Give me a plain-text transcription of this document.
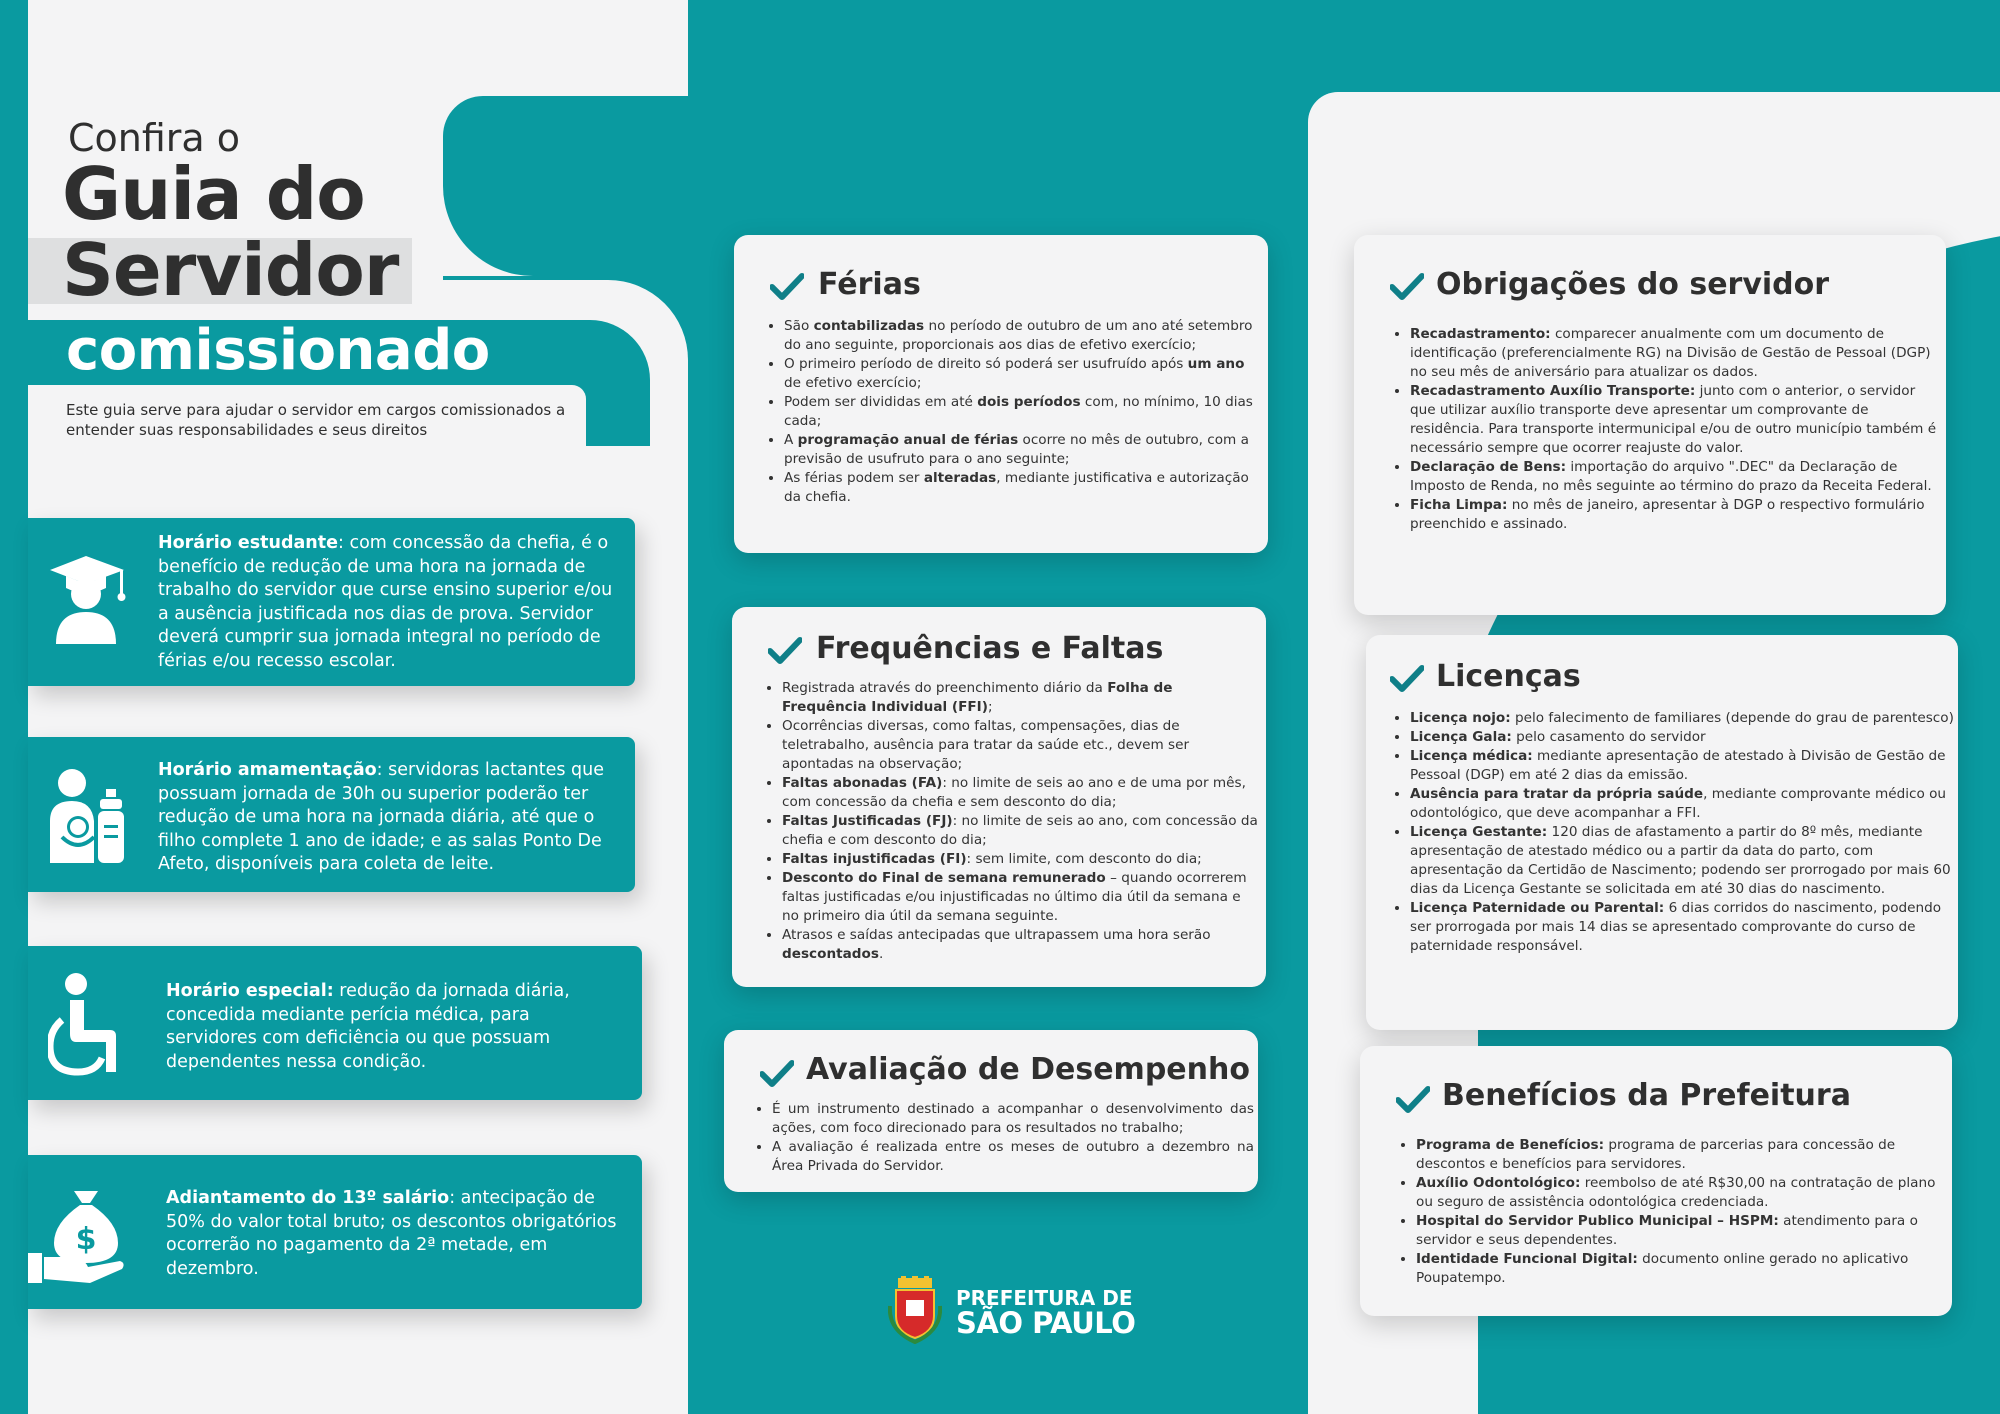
Confira o
Guia do
Servidor
comissionado
Este guia serve para ajudar o servidor em cargos comissionados a entender suas responsabilidades e seus direitos
Horário estudante: com concessão da chefia, é o benefício de redução de uma hora na jornada de trabalho do servidor que curse ensino superior e/ou a ausência justificada nos dias de prova. Servidor deverá cumprir sua jornada integral no período de férias e/ou recesso escolar.
Horário amamentação: servidoras lactantes que possuam jornada de 30h ou superior poderão ter redução de uma hora na jornada diária, até que o filho complete 1 ano de idade; e as salas Ponto De Afeto, disponíveis para coleta de leite.
Horário especial: redução da jornada diária, concedida mediante perícia médica, para servidores com deficiência ou que possuam dependentes nessa condição.
$
Adiantamento do 13º salário: antecipação de 50% do valor total bruto; os descontos obrigatórios ocorrerão no pagamento da 2ª metade, em dezembro.
Férias
• São contabilizadas no período de outubro de um ano até setembro do ano seguinte, proporcionais aos dias de efetivo exercício;
• O primeiro período de direito só poderá ser usufruído após um ano de efetivo exercício;
• Podem ser divididas em até dois períodos com, no mínimo, 10 dias cada;
• A programação anual de férias ocorre no mês de outubro, com a previsão de usufruto para o ano seguinte;
• As férias podem ser alteradas, mediante justificativa e autorização da chefia.
Frequências e Faltas
• Registrada através do preenchimento diário da Folha de Frequência Individual (FFI);
• Ocorrências diversas, como faltas, compensações, dias de teletrabalho, ausência para tratar da saúde etc., devem ser apontadas na observação;
• Faltas abonadas (FA): no limite de seis ao ano e de uma por mês, com concessão da chefia e sem desconto do dia;
• Faltas Justificadas (FJ): no limite de seis ao ano, com concessão da chefia e com desconto do dia;
• Faltas injustificadas (FI): sem limite, com desconto do dia;
• Desconto do Final de semana remunerado – quando ocorrerem faltas justificadas e/ou injustificadas no último dia útil da semana e no primeiro dia útil da semana seguinte.
• Atrasos e saídas antecipadas que ultrapassem uma hora serão descontados.
Avaliação de Desempenho
• É um instrumento destinado a acompanhar o desenvolvimento das ações, com foco direcionado para os resultados no trabalho;
• A avaliação é realizada entre os meses de outubro a dezembro na Área Privada do Servidor.
Obrigações do servidor
• Recadastramento: comparecer anualmente com um documento de identificação (preferencialmente RG) na Divisão de Gestão de Pessoal (DGP) no seu mês de aniversário para atualizar os dados.
• Recadastramento Auxílio Transporte: junto com o anterior, o servidor que utilizar auxílio transporte deve apresentar um comprovante de residência. Para transporte intermunicipal e/ou de outro município também é necessário sempre que ocorrer reajuste do valor.
• Declaração de Bens: importação do arquivo ".DEC" da Declaração de Imposto de Renda, no mês seguinte ao término do prazo da Receita Federal.
• Ficha Limpa: no mês de janeiro, apresentar à DGP o respectivo formulário preenchido e assinado.
Licenças
• Licença nojo: pelo falecimento de familiares (depende do grau de parentesco)
• Licença Gala: pelo casamento do servidor
• Licença médica: mediante apresentação de atestado à Divisão de Gestão de Pessoal (DGP) em até 2 dias da emissão.
• Ausência para tratar da própria saúde, mediante comprovante médico ou odontológico, que deve acompanhar a FFI.
• Licença Gestante: 120 dias de afastamento a partir do 8º mês, mediante apresentação de atestado médico ou a partir da data do parto, com apresentação da Certidão de Nascimento; podendo ser prorrogado por mais 60 dias da Licença Gestante se solicitada em até 30 dias do nascimento.
• Licença Paternidade ou Parental: 6 dias corridos do nascimento, podendo ser prorrogada por mais 14 dias se apresentado comprovante do curso de paternidade responsável.
Benefícios da Prefeitura
• Programa de Benefícios: programa de parcerias para concessão de descontos e benefícios para servidores.
• Auxílio Odontológico: reembolso de até R$30,00 na contratação de plano ou seguro de assistência odontológica credenciada.
• Hospital do Servidor Publico Municipal – HSPM: atendimento para o servidor e seus dependentes.
• Identidade Funcional Digital: documento online gerado no aplicativo Poupatempo.
PREFEITURA DE
SÃO PAULO
